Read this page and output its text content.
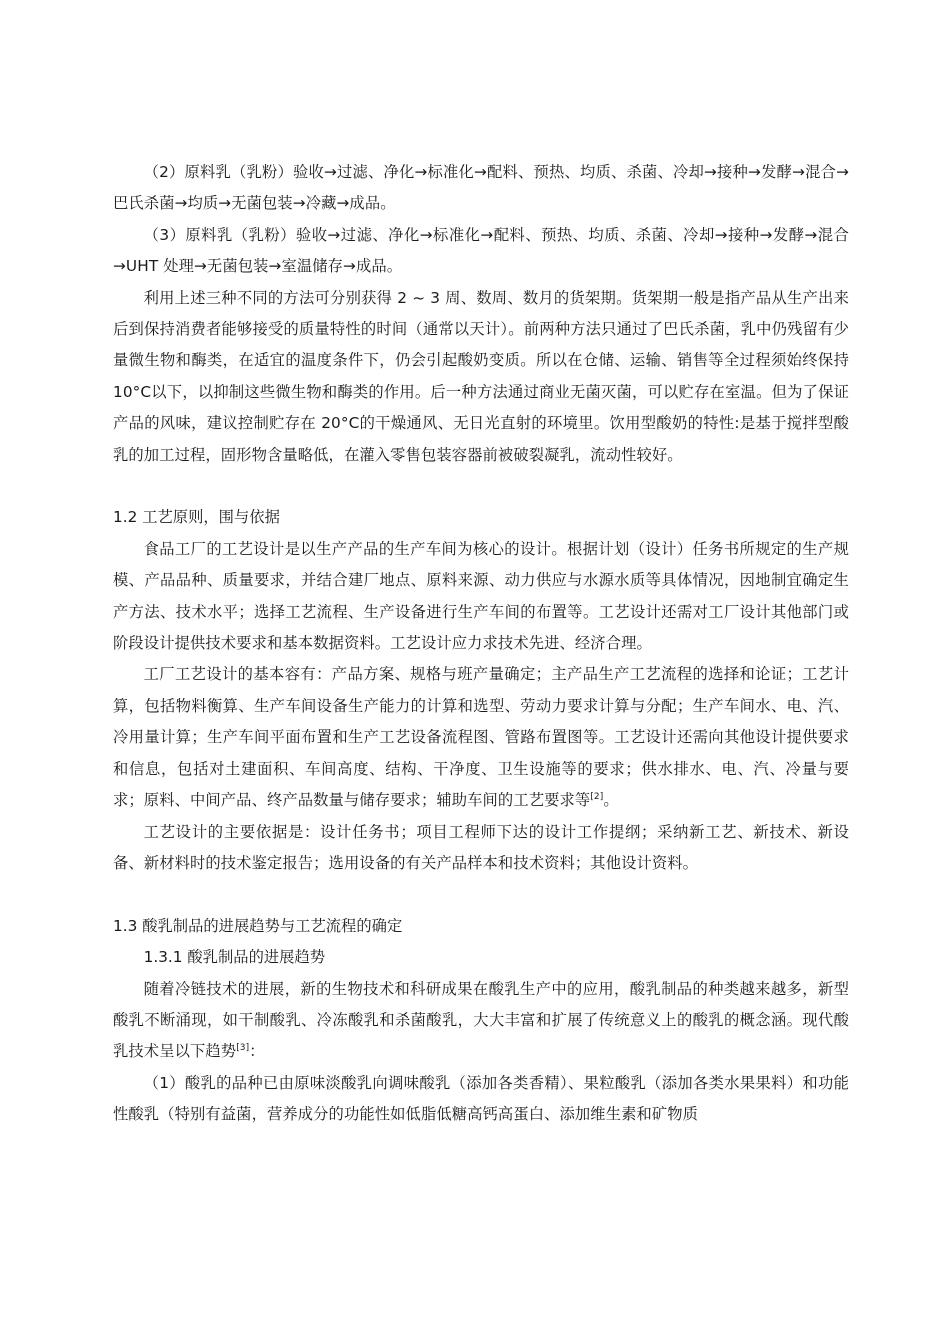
（2）原料乳（乳粉）验收→过滤、净化→标准化→配料、预热、均质、杀菌、冷却→接种→发酵→混合→巴氏杀菌→均质→无菌包装→冷藏→成品。

（3）原料乳（乳粉）验收→过滤、净化→标准化→配料、预热、均质、杀菌、冷却→接种→发酵→混合→UHT 处理→无菌包装→室温储存→成品。

利用上述三种不同的方法可分别获得 2 ~ 3 周、数周、数月的货架期。货架期一般是指产品从生产出来后到保持消费者能够接受的质量特性的时间（通常以天计）。前两种方法只通过了巴氏杀菌，乳中仍残留有少量微生物和酶类，在适宜的温度条件下，仍会引起酸奶变质。所以在仓储、运输、销售等全过程须始终保持 10°C以下，以抑制这些微生物和酶类的作用。后一种方法通过商业无菌灭菌，可以贮存在室温。但为了保证产品的风味，建议控制贮存在 20°C的干燥通风、无日光直射的环境里。饮用型酸奶的特性:是基于搅拌型酸乳的加工过程，固形物含量略低，在灌入零售包装容器前被破裂凝乳，流动性较好。

1.2 工艺原则，围与依据

食品工厂的工艺设计是以生产产品的生产车间为核心的设计。根据计划（设计）任务书所规定的生产规模、产品品种、质量要求，并结合建厂地点、原料来源、动力供应与水源水质等具体情况，因地制宜确定生产方法、技术水平；选择工艺流程、生产设备进行生产车间的布置等。工艺设计还需对工厂设计其他部门或阶段设计提供技术要求和基本数据资料。工艺设计应力求技术先进、经济合理。

工厂工艺设计的基本容有：产品方案、规格与班产量确定；主产品生产工艺流程的选择和论证；工艺计算，包括物料衡算、生产车间设备生产能力的计算和选型、劳动力要求计算与分配；生产车间水、电、汽、冷用量计算；生产车间平面布置和生产工艺设备流程图、管路布置图等。工艺设计还需向其他设计提供要求和信息，包括对土建面积、车间高度、结构、干净度、卫生设施等的要求；供水排水、电、汽、冷量与要求；原料、中间产品、终产品数量与储存要求；辅助车间的工艺要求等[2]。

工艺设计的主要依据是：设计任务书；项目工程师下达的设计工作提纲；采纳新工艺、新技术、新设备、新材料时的技术鉴定报告；选用设备的有关产品样本和技术资料；其他设计资料。

1.3 酸乳制品的进展趋势与工艺流程的确定

1.3.1 酸乳制品的进展趋势

随着冷链技术的进展，新的生物技术和科研成果在酸乳生产中的应用，酸乳制品的种类越来越多，新型酸乳不断涌现，如干制酸乳、冷冻酸乳和杀菌酸乳，大大丰富和扩展了传统意义上的酸乳的概念涵。现代酸乳技术呈以下趋势[3]：

（1）酸乳的品种已由原味淡酸乳向调味酸乳（添加各类香精）、果粒酸乳（添加各类水果果料）和功能性酸乳（特别有益菌，营养成分的功能性如低脂低糖高钙高蛋白、添加维生素和矿物质
